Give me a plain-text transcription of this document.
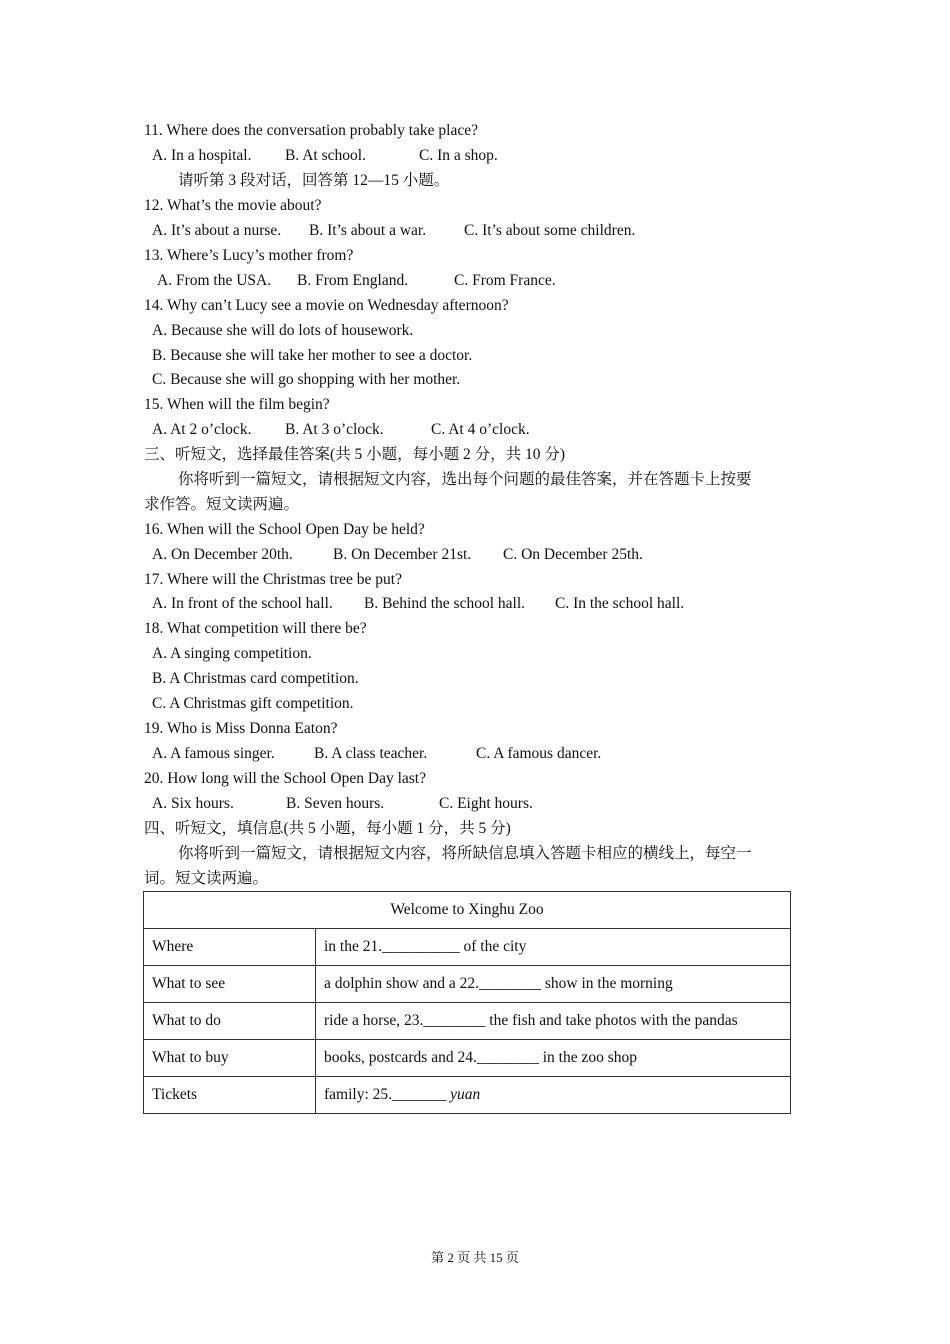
11. Where does the conversation probably take place?
A. In a hospital. B. At school.	C. In a shop.
请听第 3 段对话，回答第 12—15 小题。
12. What’s the movie about?
A. It’s about a nurse. B. It’s about a war. C. It’s about some children.
13. Where’s Lucy’s mother from?
A. From the USA. B. From England.	C. From France.
14. Why can’t Lucy see a movie on Wednesday afternoon?
A. Because she will do lots of housework.
B. Because she will take her mother to see a doctor.
C. Because she will go shopping with her mother.
15. When will the film begin?
A. At 2 o’clock. B. At 3 o’clock.	C. At 4 o’clock.
三、听短文，选择最佳答案(共 5 小题，每小题 2 分，共 10 分)
你将听到一篇短文，请根据短文内容，选出每个问题的最佳答案，并在答题卡上按要
求作答。短文读两遍。
16. When will the School Open Day be held?
A. On December 20th.	B. On December 21st. C. On December 25th.
17. Where will the Christmas tree be put?
A. In front of the school hall. B. Behind the school hall. C. In the school hall.
18. What competition will there be?
A. A singing competition.
B. A Christmas card competition.
C. A Christmas gift competition.
19. Who is Miss Donna Eaton?
A. A famous singer.	B. A class teacher.	C. A famous dancer.
20. How long will the School Open Day last?
A. Six hours.	B. Seven hours.	C. Eight hours.
四、听短文，填信息(共 5 小题，每小题 1 分，共 5 分)
你将听到一篇短文，请根据短文内容，将所缺信息填入答题卡相应的横线上，每空一
词。短文读两遍。
Welcome to Xinghu Zoo	
Where	in the 21.__________ of the city
What to see	a dolphin show and a 22.________ show in the morning
What to do	ride a horse, 23.________ the fish and take photos with the pandas
What to buy	books, postcards and 24.________ in the zoo shop
Tickets	family: 25._______ yuan
第 2 页 共 15 页
